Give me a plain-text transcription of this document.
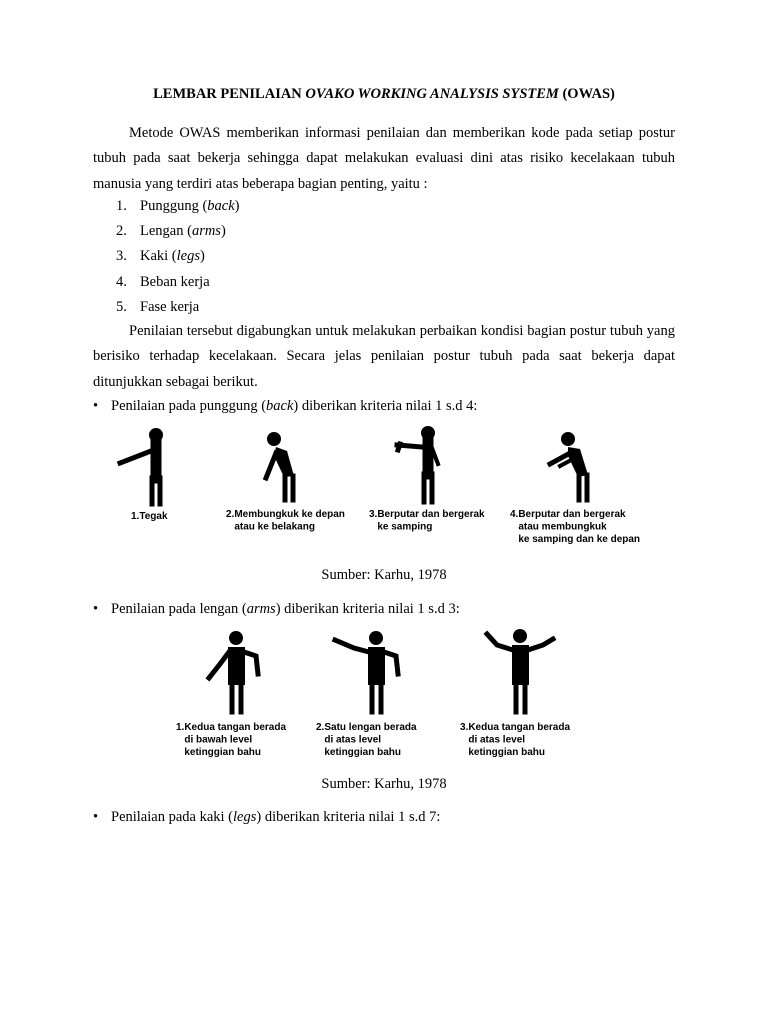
LEMBAR PENILAIAN OVAKO WORKING ANALYSIS SYSTEM (OWAS)
Metode OWAS memberikan informasi penilaian dan memberikan kode pada setiap postur tubuh pada saat bekerja sehingga dapat melakukan evaluasi dini atas risiko kecelakaan tubuh manusia yang terdiri atas beberapa bagian penting, yaitu :
1. Punggung (back)
2. Lengan (arms)
3. Kaki (legs)
4. Beban kerja
5. Fase kerja
Penilaian tersebut digabungkan untuk melakukan perbaikan kondisi bagian postur tubuh yang berisiko terhadap kecelakaan. Secara jelas penilaian postur tubuh pada saat bekerja dapat ditunjukkan sebagai berikut.
• Penilaian pada punggung (back) diberikan kriteria nilai 1 s.d 4:
1.Tegak	2.Membungkuk ke depan   atau ke belakang
3.Berputar dan bergerak   ke samping
4.Berputar dan bergerak   atau membungkuk   ke samping dan ke depan
Sumber: Karhu, 1978
• Penilaian pada lengan (arms) diberikan kriteria nilai 1 s.d 3:
1.Kedua tangan berada   di bawah level   ketinggian bahu
2.Satu lengan berada   di atas level   ketinggian bahu
3.Kedua tangan berada   di atas level   ketinggian bahu
Sumber: Karhu, 1978
• Penilaian pada kaki (legs) diberikan kriteria nilai 1 s.d 7:
